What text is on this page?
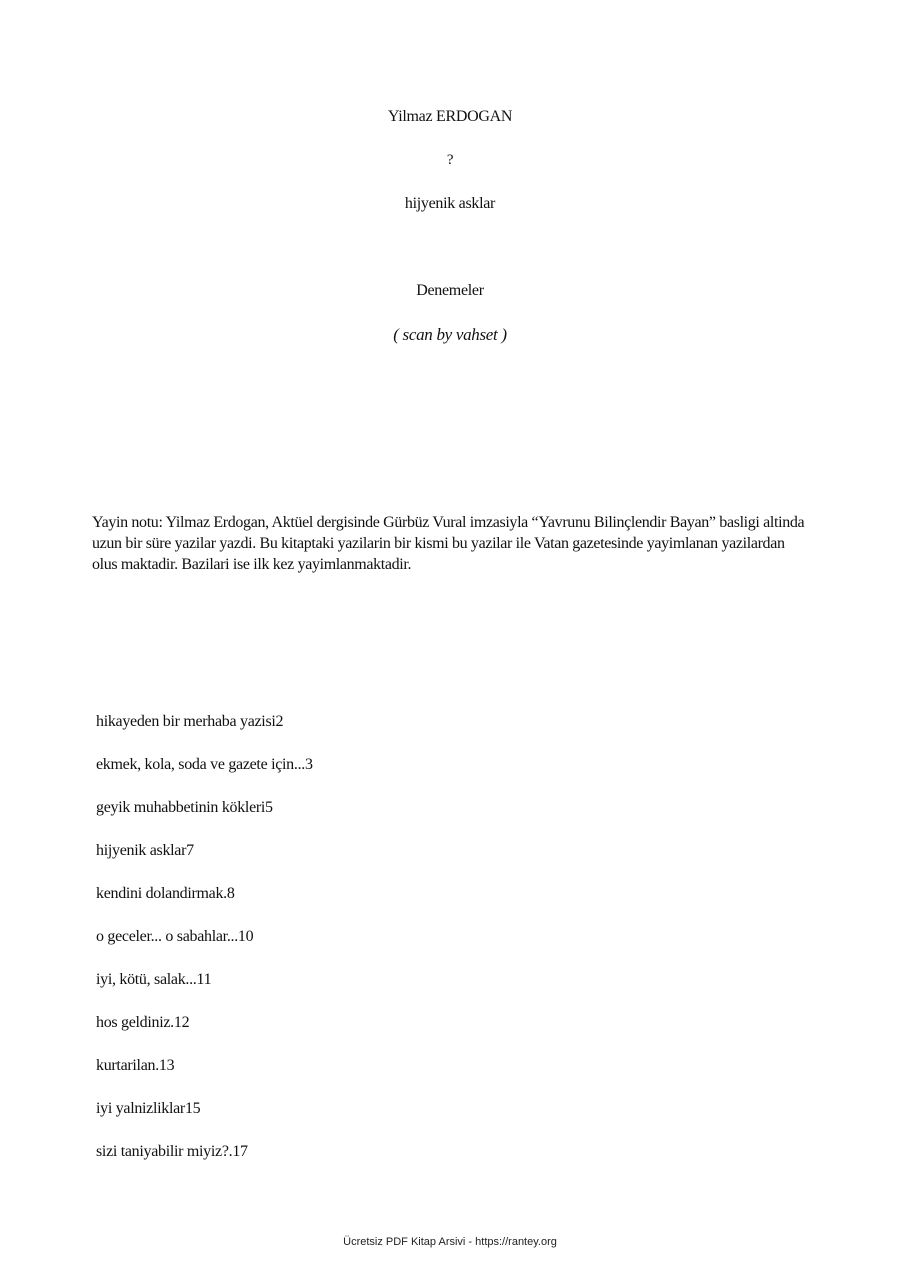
Yilmaz ERDOGAN
?
hijyenik asklar
Denemeler
( scan by vahset )

Yayin notu: Yilmaz Erdogan, Aktüel dergisinde Gürbüz Vural imzasiyla “Yavrunu Bilinçlendir Bayan” basligi altinda uzun bir süre yazilar yazdi. Bu kitaptaki yazilarin bir kismi bu yazilar ile Vatan gazetesinde yayimlanan yazilardan olus maktadir. Bazilari ise ilk kez yayimlanmaktadir.

hikayeden bir merhaba yazisi2
ekmek, kola, soda ve gazete için...3
geyik muhabbetinin kökleri5
hijyenik asklar7
kendini dolandirmak.8
o geceler... o sabahlar...10
iyi, kötü, salak...11
hos geldiniz.12
kurtarilan.13
iyi yalnizliklar15
sizi taniyabilir miyiz?.17
Ücretsiz PDF Kitap Arsivi - https://rantey.org
